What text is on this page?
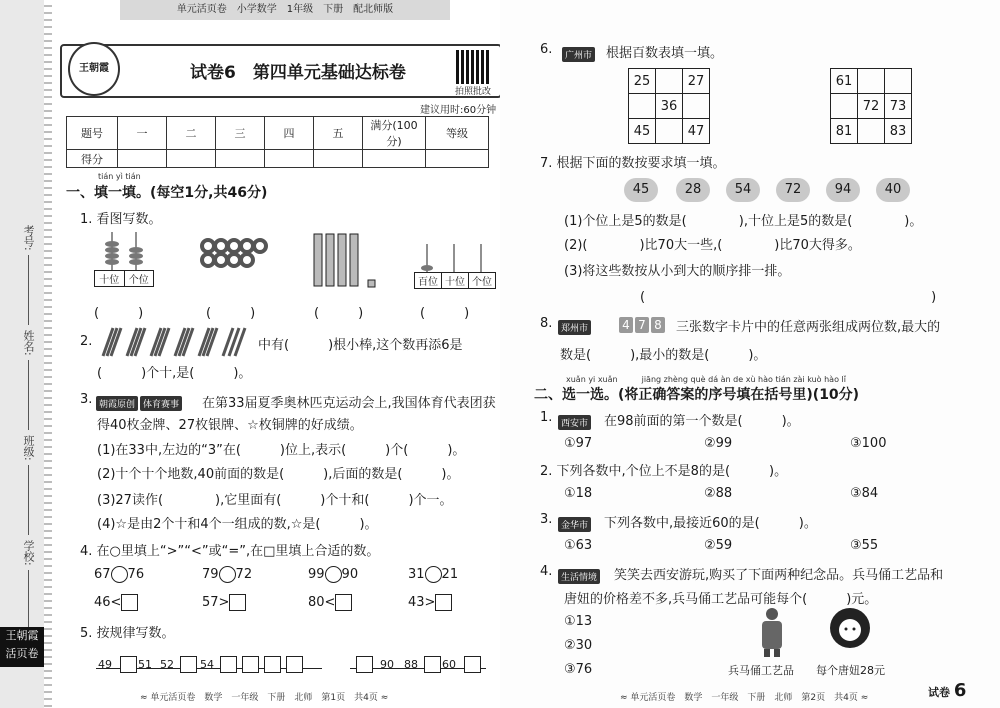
考号:
姓名:
班级:
学校:
王朝霞
活页卷
单元活页卷　小学数学　1年级　下册　配北师版
王朝霞	试卷6　第四单元基础达标卷
拍照批改
建议用时:60分钟
题号	一	二	三	四	五	满分(100分)	等级
得分							
tián yì tián
一、填一填。(每空1分,共46分)
1. 看图写数。
十位 个位	百位 十位 个位
(　　　)	(　　　)	(　　　)	(　　　)
2.	中有(　　　)根小棒,这个数再添6是
(　　　)个十,是(　　　)。
3. 朝霞原创 体育赛事	在第33届夏季奥林匹克运动会上,我国体育代表团获
得40枚金牌、27枚银牌、☆枚铜牌的好成绩。
(1)在33中,左边的“3”在(　　　)位上,表示(　　　)个(　　　)。
(2)十个十个地数,40前面的数是(　　　),后面的数是(　　　)。
(3)27读作(　　　　),它里面有(　　　)个十和(　　　)个一。
(4)☆是由2个十和4个一组成的数,☆是(　　　)。
4. 在○里填上“>”“<”或“=”,在□里填上合适的数。
67 76	79 72	99 90	31 21
46<	57>	80<	43>
5. 按规律写数。
49 51 52 54	90 88 60
≈ 单元活页卷　数学　一年级　下册　北师　第1页　共4页 ≈
6.	广州市	根据百数表填一填。
25		27
	36	
45		47
61		
	72	73
81		83
7. 根据下面的数按要求填一填。
45	28	54	72	94	40
(1)个位上是5的数是(　　　　),十位上是5的数是(　　　　)。
(2)(　　　　)比70大一些,(　　　　)比70大得多。
(3)将这些数按从小到大的顺序排一排。
(　　　　　　　　　　　　　　　　　　　　　　)
8. 郑州市	4 7 8	三张数字卡片中的任意两张组成两位数,最大的
数是(　　　),最小的数是(　　　)。
xuǎn yi xuǎn　　　jiāng zhèng què dá àn de xù hào tián zài kuò hào lǐ
二、选一选。(将正确答案的序号填在括号里)(10分)
1. 西安市	在98前面的第一个数是(　　　)。
①97	②99	③100
2. 下列各数中,个位上不是8的是(　　　)。
①18	②88	③84
3. 金华市	下列各数中,最接近60的是(　　　)。
①63	②59	③55
4. 生活情境	笑笑去西安游玩,购买了下面两种纪念品。兵马俑工艺品和
唐妞的价格差不多,兵马俑工艺品可能每个(　　　)元。
①13
②30
③76	兵马俑工艺品 每个唐妞28元
≈ 单元活页卷　数学　一年级　下册　北师　第2页　共4页 ≈	试卷 6
